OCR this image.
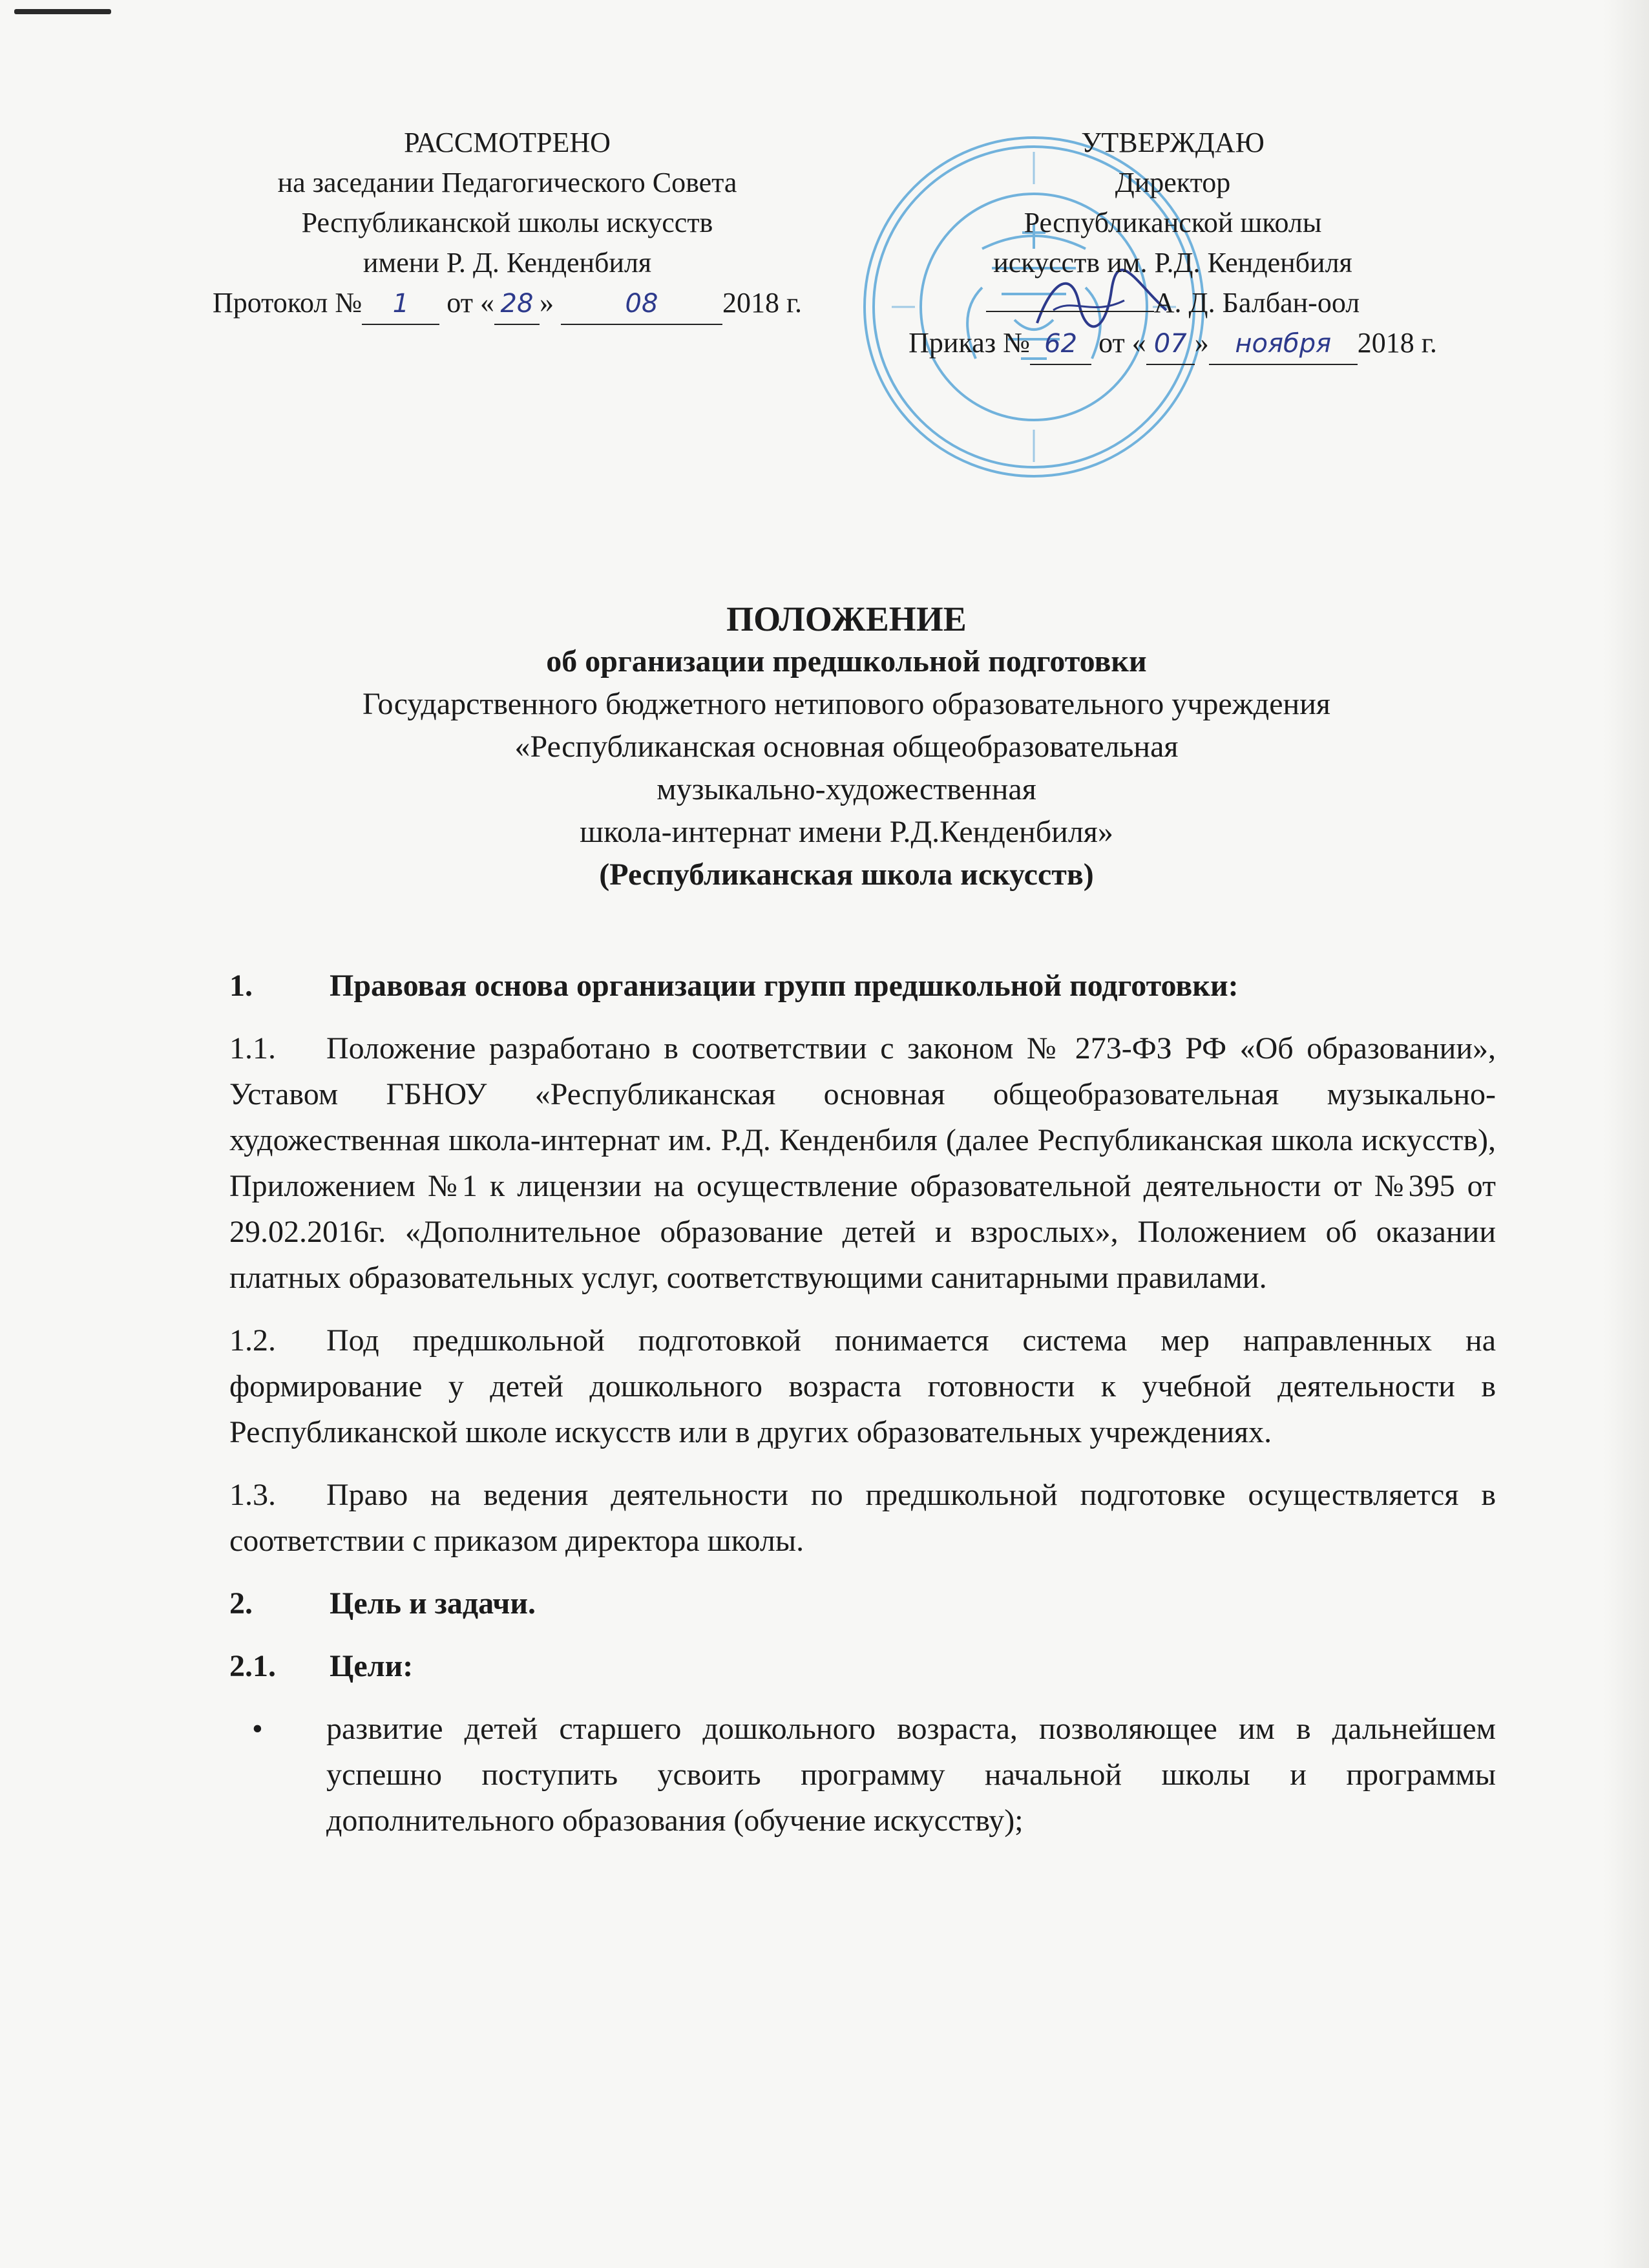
РАССМОТРЕНО
на заседании Педагогического Совета
Республиканской школы искусств
имени Р. Д. Кенденбиля
Протокол № 1 от « 28 »	08 2018 г.
УТВЕРЖДАЮ
Директор
Республиканской школы
искусств им. Р.Д. Кенденбиля
А. Д. Балбан-оол
Приказ № 62 от « 07 » ноября 2018 г.
ПОЛОЖЕНИЕ
об организации предшкольной подготовки
Государственного бюджетного нетипового образовательного учреждения
«Республиканская основная общеобразовательная
музыкально-художественная
школа-интернат имени Р.Д.Кенденбиля»
(Республиканская школа искусств)
1.	Правовая основа организации групп предшкольной подготовки:
1.1. Положение разработано в соответствии с законом № 273-ФЗ РФ «Об образовании», Уставом ГБНОУ «Республиканская основная общеобразовательная музыкально-художественная школа-интернат им. Р.Д. Кенденбиля (далее Республиканская школа искусств), Приложением №1 к лицензии на осуществление образовательной деятельности от №395 от 29.02.2016г. «Дополнительное образование детей и взрослых», Положением об оказании платных образовательных услуг, соответствующими санитарными правилами.
1.2. Под предшкольной подготовкой понимается система мер направленных на формирование у детей дошкольного возраста готовности к учебной деятельности в Республиканской школе искусств или в других образовательных учреждениях.
1.3. Право на ведения деятельности по предшкольной подготовке осуществляется в соответствии с приказом директора школы.
2.	Цель и задачи.
2.1.	Цели:
•	развитие детей старшего дошкольного возраста, позволяющее им в дальнейшем успешно поступить усвоить программу начальной школы и программы дополнительного образования (обучение искусству);
